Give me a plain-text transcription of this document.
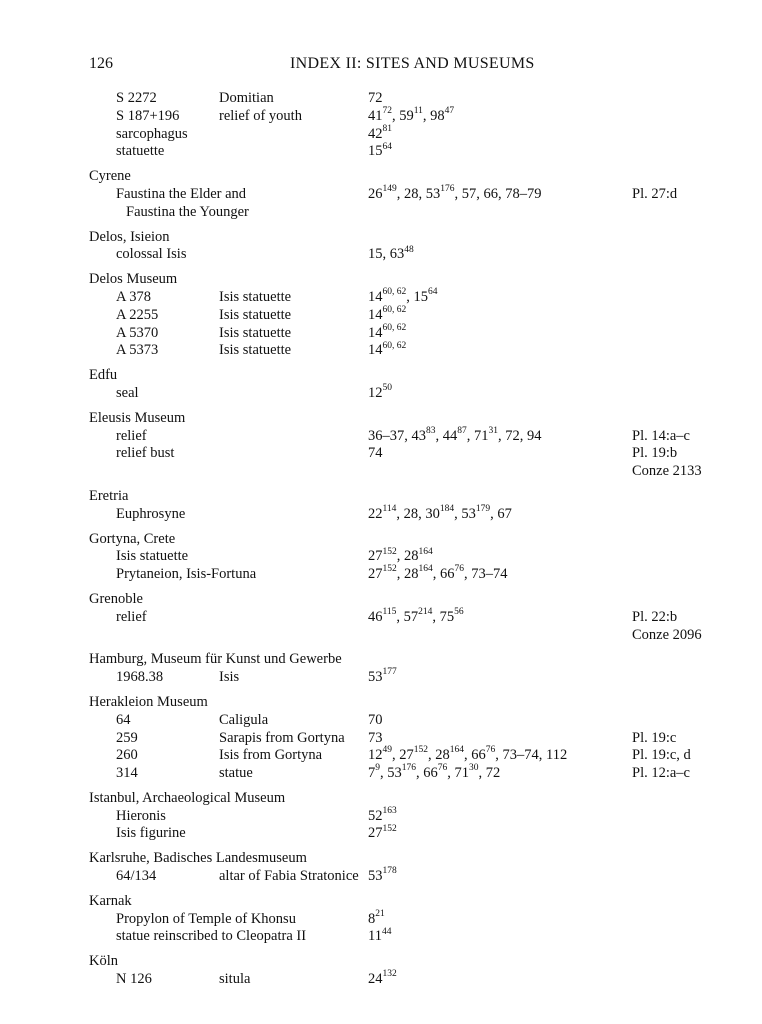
126	INDEX II: SITES AND MUSEUMS
S 2272	Domitian	72
S 187+196	relief of youth	$41^{72}$, $59^{11}$, $98^{47}$
sarcophagus	$42^{81}$
statuette	$15^{64}$
Cyrene
Faustina the Elder and	$26^{149}$, 28, $53^{176}$, 57, 66, 78–79	Pl. 27:d
Faustina the Younger
Delos, Isieion
colossal Isis	15, $63^{48}$
Delos Museum
A 378	Isis statuette	14$^{60, 62}$, $15^{64}$
A 2255	Isis statuette	14$^{60, 62}$
A 5370	Isis statuette	14$^{60, 62}$
A 5373	Isis statuette	14$^{60, 62}$
Edfu
seal	$12^{50}$
Eleusis Museum
relief	36–37, $43^{83}$, $44^{87}$, $71^{31}$, 72, 94	Pl. 14:a–c
relief bust	74	Pl. 19:b
Conze 2133
Eretria
Euphrosyne	$22^{114}$, 28, $30^{184}$, $53^{179}$, 67
Gortyna, Crete
Isis statuette	$27^{152}$, $28^{164}$
Prytaneion, Isis-Fortuna	$27^{152}$, $28^{164}$, $66^{76}$, 73–74
Grenoble
relief	$46^{115}$, $57^{214}$, $75^{56}$	Pl. 22:b
Conze 2096
Hamburg, Museum für Kunst und Gewerbe
1968.38	Isis	$53^{177}$
Herakleion Museum
64	Caligula	70
259	Sarapis from Gortyna 73	Pl. 19:c
260	Isis from Gortyna	$12^{49}$, $27^{152}$, $28^{164}$, $66^{76}$, 73–74, 112	Pl. 19:c, d
314	statue	$7^9$, $53^{176}$, $66^{76}$, $71^{30}$, 72	Pl. 12:a–c
Istanbul, Archaeological Museum
Hieronis	$52^{163}$
Isis figurine	$27^{152}$
Karlsruhe, Badisches Landesmuseum
64/134	altar of Fabia Stratonice $53^{178}$
Karnak
Propylon of Temple of Khonsu	$8^{21}$
statue reinscribed to Cleopatra II	$11^{44}$
Köln
N 126	situla	$24^{132}$
